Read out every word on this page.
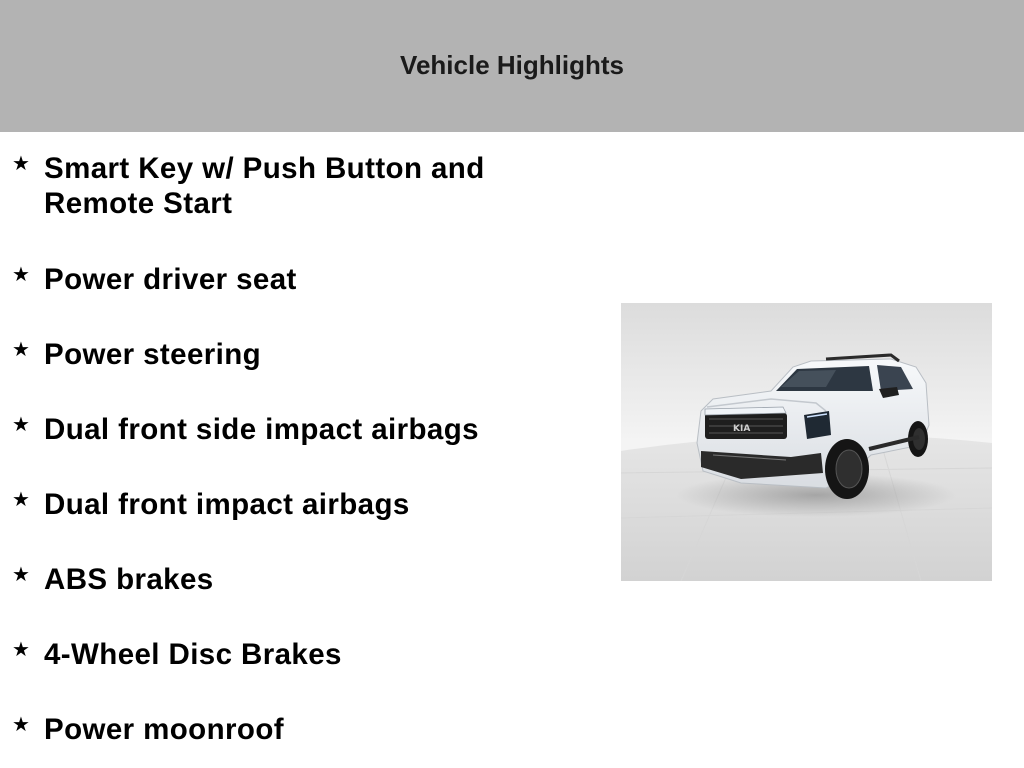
Vehicle Highlights
★ Smart Key w/ Push Button and Remote Start
★ Power driver seat
★ Power steering
★ Dual front side impact airbags
★ Dual front impact airbags
★ ABS brakes
★ 4-Wheel Disc Brakes
★ Power moonroof
KIA
